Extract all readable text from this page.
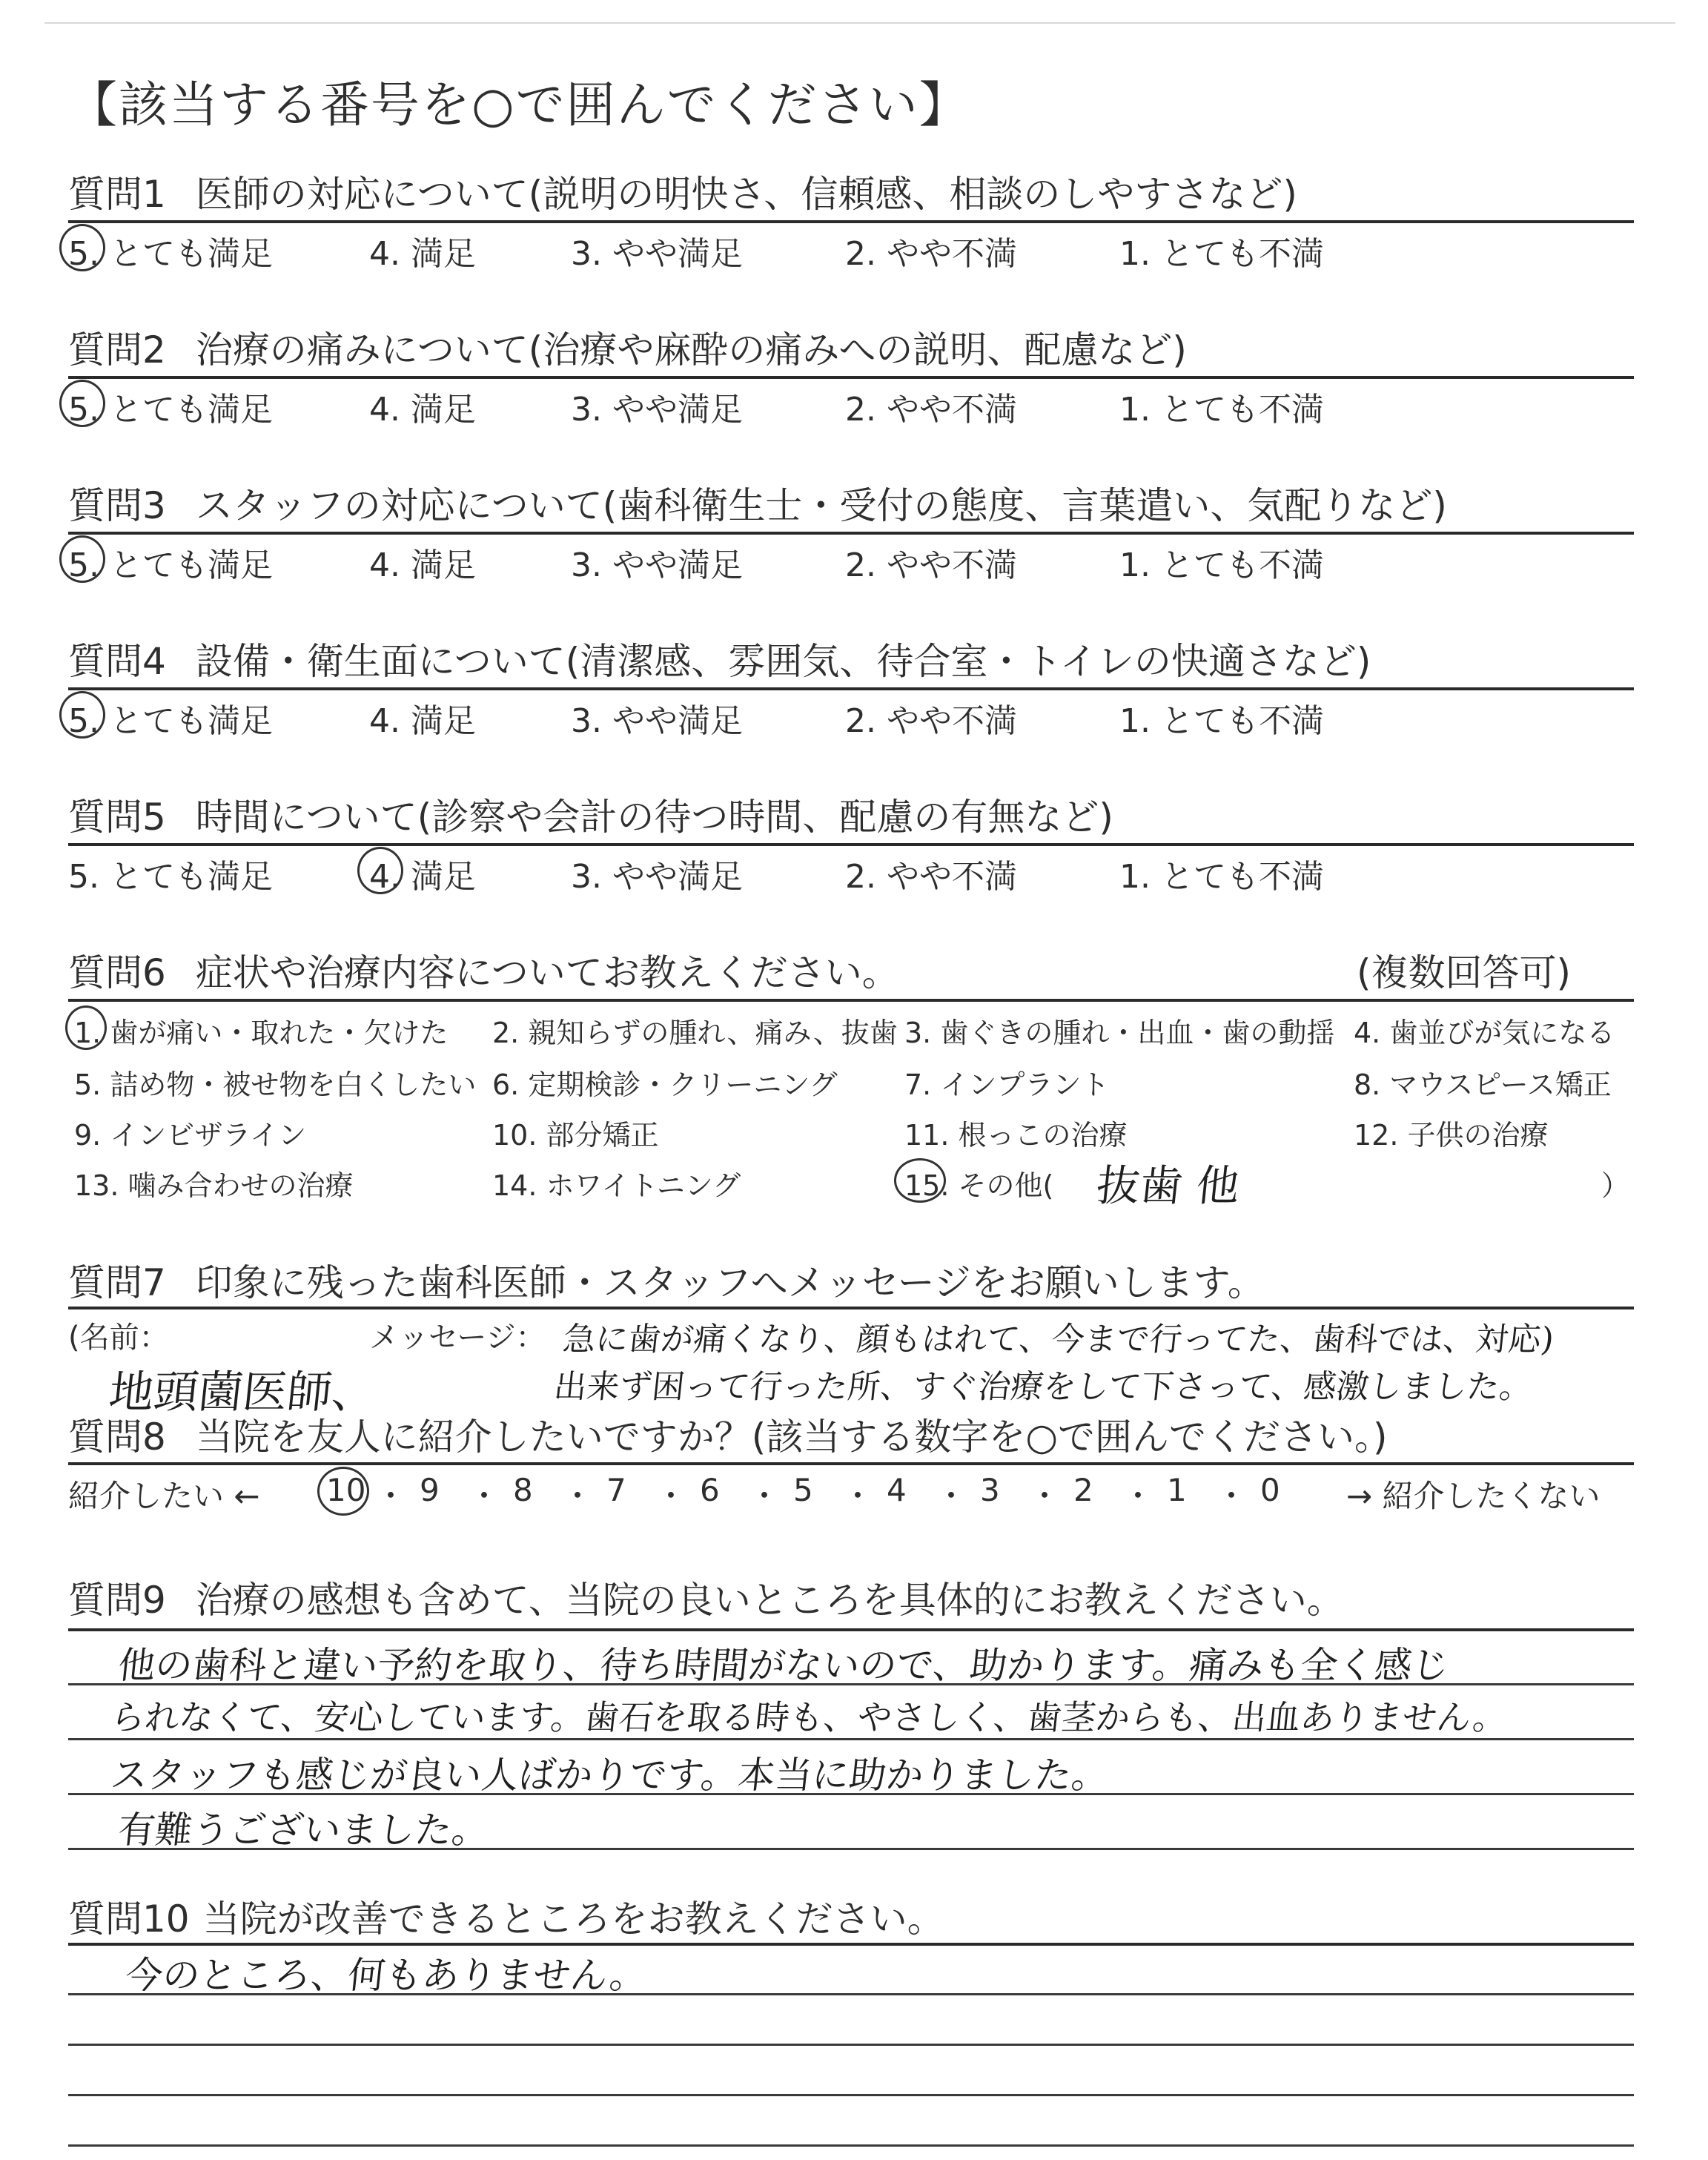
【該当する番号を○で囲んでください】
質問1 医師の対応について(説明の明快さ、信頼感、相談のしやすさなど)
5. とても満足	4. 満足	3. やや満足	2. やや不満	1. とても不満
質問2 治療の痛みについて(治療や麻酔の痛みへの説明、配慮など)
5. とても満足	4. 満足	3. やや満足	2. やや不満	1. とても不満
質問3 スタッフの対応について(歯科衛生士・受付の態度、言葉遣い、気配りなど)
5. とても満足	4. 満足	3. やや満足	2. やや不満	1. とても不満
質問4 設備・衛生面について(清潔感、雰囲気、待合室・トイレの快適さなど)
5. とても満足	4. 満足	3. やや満足	2. やや不満	1. とても不満
質問5 時間について(診察や会計の待つ時間、配慮の有無など)
5. とても満足	4. 満足	3. やや満足	2. やや不満	1. とても不満
質問6 症状や治療内容についてお教えください。	(複数回答可)
1. 歯が痛い・取れた・欠けた 2. 親知らずの腫れ、痛み、抜歯 3. 歯ぐきの腫れ・出血・歯の動揺 4. 歯並びが気になる
5. 詰め物・被せ物を白くしたい 6. 定期検診・クリーニング 7. インプラント	8. マウスピース矯正
9. インビザライン	10. 部分矯正	11. 根っこの治療	12. 子供の治療
13. 噛み合わせの治療	14. ホワイトニング	15. その他(	）
抜歯 他
質問7 印象に残った歯科医師・スタッフへメッセージをお願いします。
(名前：	メッセージ：
地頭薗医師、
急に歯が痛くなり、顔もはれて、今まで行ってた、歯科では、対応)
出来ず困って行った所、すぐ治療をして下さって、感激しました。
質問8 当院を友人に紹介したいですか？(該当する数字を○で囲んでください。)
紹介したい ←	→ 紹介したくない
10 ・ 9 ・ 8 ・ 7 ・ 6 ・ 5 ・ 4 ・ 3 ・ 2 ・ 1 ・ 0
質問9 治療の感想も含めて、当院の良いところを具体的にお教えください。
他の歯科と違い予約を取り、待ち時間がないので、助かります。痛みも全く感じ
られなくて、安心しています。歯石を取る時も、やさしく、歯茎からも、出血ありません。
スタッフも感じが良い人ばかりです。本当に助かりました。
有難うございました。
質問10 当院が改善できるところをお教えください。
今のところ、何もありません。
